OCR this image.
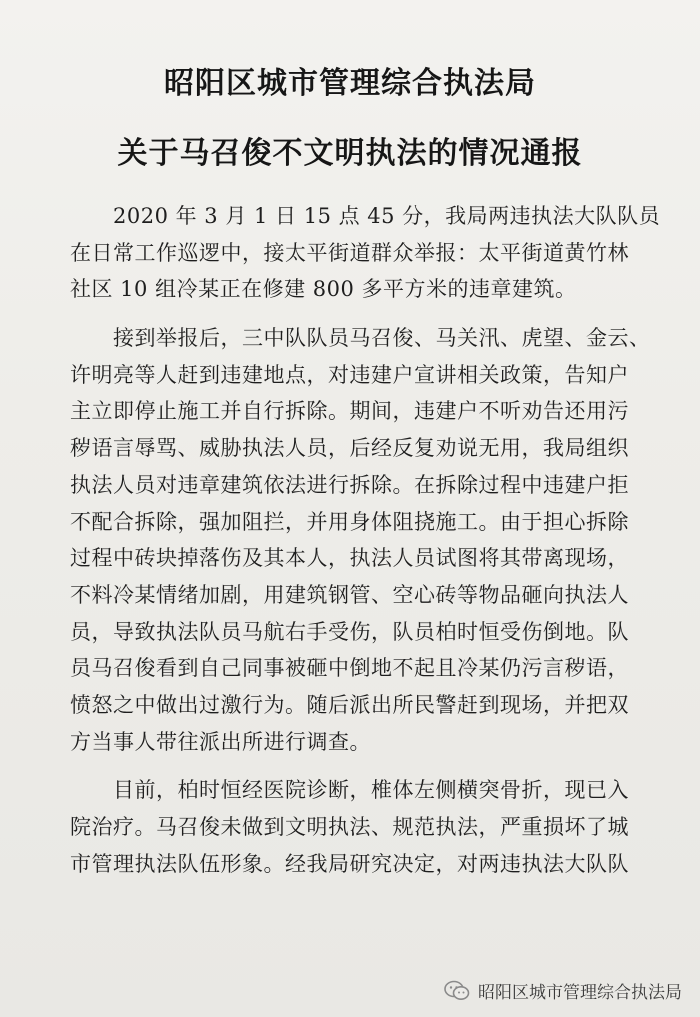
昭阳区城市管理综合执法局
关于马召俊不文明执法的情况通报
　　2020 年 3 月 1 日 15 点 45 分，我局两违执法大队队员
在日常工作巡逻中，接太平街道群众举报：太平街道黄竹林
社区 10 组冷某正在修建 800 多平方米的违章建筑。
　　接到举报后，三中队队员马召俊、马关汛、虎望、金云、
许明亮等人赶到违建地点，对违建户宣讲相关政策，告知户
主立即停止施工并自行拆除。期间，违建户不听劝告还用污
秽语言辱骂、威胁执法人员，后经反复劝说无用，我局组织
执法人员对违章建筑依法进行拆除。在拆除过程中违建户拒
不配合拆除，强加阻拦，并用身体阻挠施工。由于担心拆除
过程中砖块掉落伤及其本人，执法人员试图将其带离现场，
不料冷某情绪加剧，用建筑钢管、空心砖等物品砸向执法人
员，导致执法队员马航右手受伤，队员柏时恒受伤倒地。队
员马召俊看到自己同事被砸中倒地不起且冷某仍污言秽语，
愤怒之中做出过激行为。随后派出所民警赶到现场，并把双
方当事人带往派出所进行调查。
　　目前，柏时恒经医院诊断，椎体左侧横突骨折，现已入
院治疗。马召俊未做到文明执法、规范执法，严重损坏了城
市管理执法队伍形象。经我局研究决定，对两违执法大队队
昭阳区城市管理综合执法局
